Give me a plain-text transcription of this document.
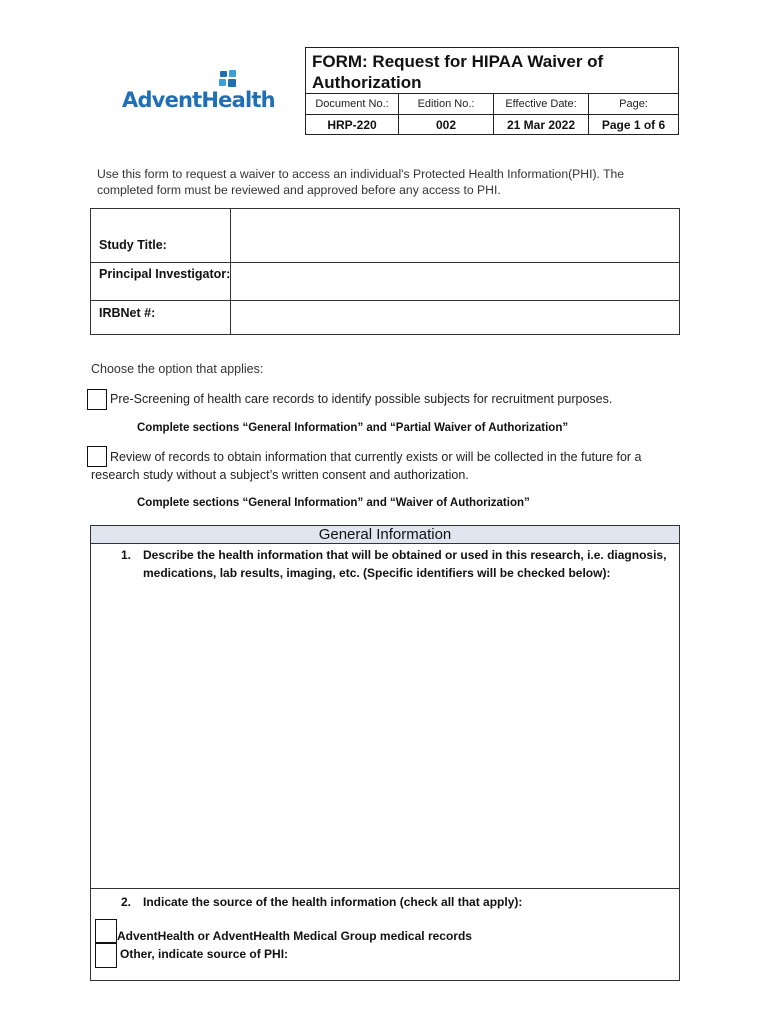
AdventHealth
FORM: Request for HIPAA Waiver of
Authorization
Document No.:	Edition No.:	Effective Date:	Page:
HRP-220	002	21 Mar 2022	Page 1 of 6
Use this form to request a waiver to access an individual's Protected Health Information(PHI). The
completed form must be reviewed and approved before any access to PHI.
Study Title:
Principal Investigator:
IRBNet #:
Choose the option that applies:
Pre-Screening of health care records to identify possible subjects for recruitment purposes.
Complete sections “General Information” and “Partial Waiver of Authorization”
Review of records to obtain information that currently exists or will be collected in the future for a
research study without a subject’s written consent and authorization.
Complete sections “General Information” and “Waiver of Authorization”
General Information
1. Describe the health information that will be obtained or used in this research, i.e. diagnosis,
medications, lab results, imaging, etc. (Specific identifiers will be checked below):
2. Indicate the source of the health information (check all that apply):
AdventHealth or AdventHealth Medical Group medical records
Other, indicate source of PHI:
